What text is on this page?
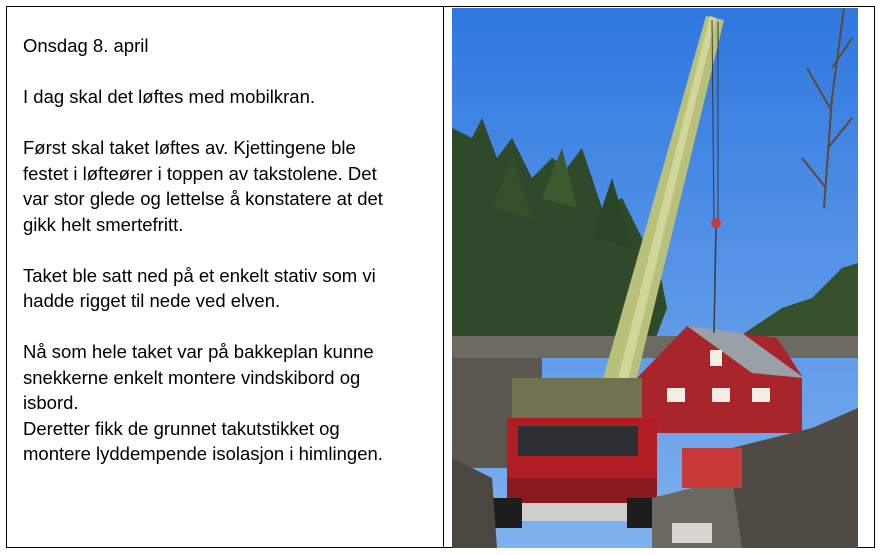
Onsdag 8. april

I dag skal det løftes med mobilkran.

Først skal taket løftes av. Kjettingene ble
festet i løfteører i toppen av takstolene. Det
var stor glede og lettelse å konstatere at det
gikk helt smertefritt.

Taket ble satt ned på et enkelt stativ som vi
hadde rigget til nede ved elven.

Nå som hele taket var på bakkeplan kunne
snekkerne enkelt montere vindskibord og
isbord.

Deretter fikk de grunnet takutstikket og
montere lyddempende isolasjon i himlingen.
